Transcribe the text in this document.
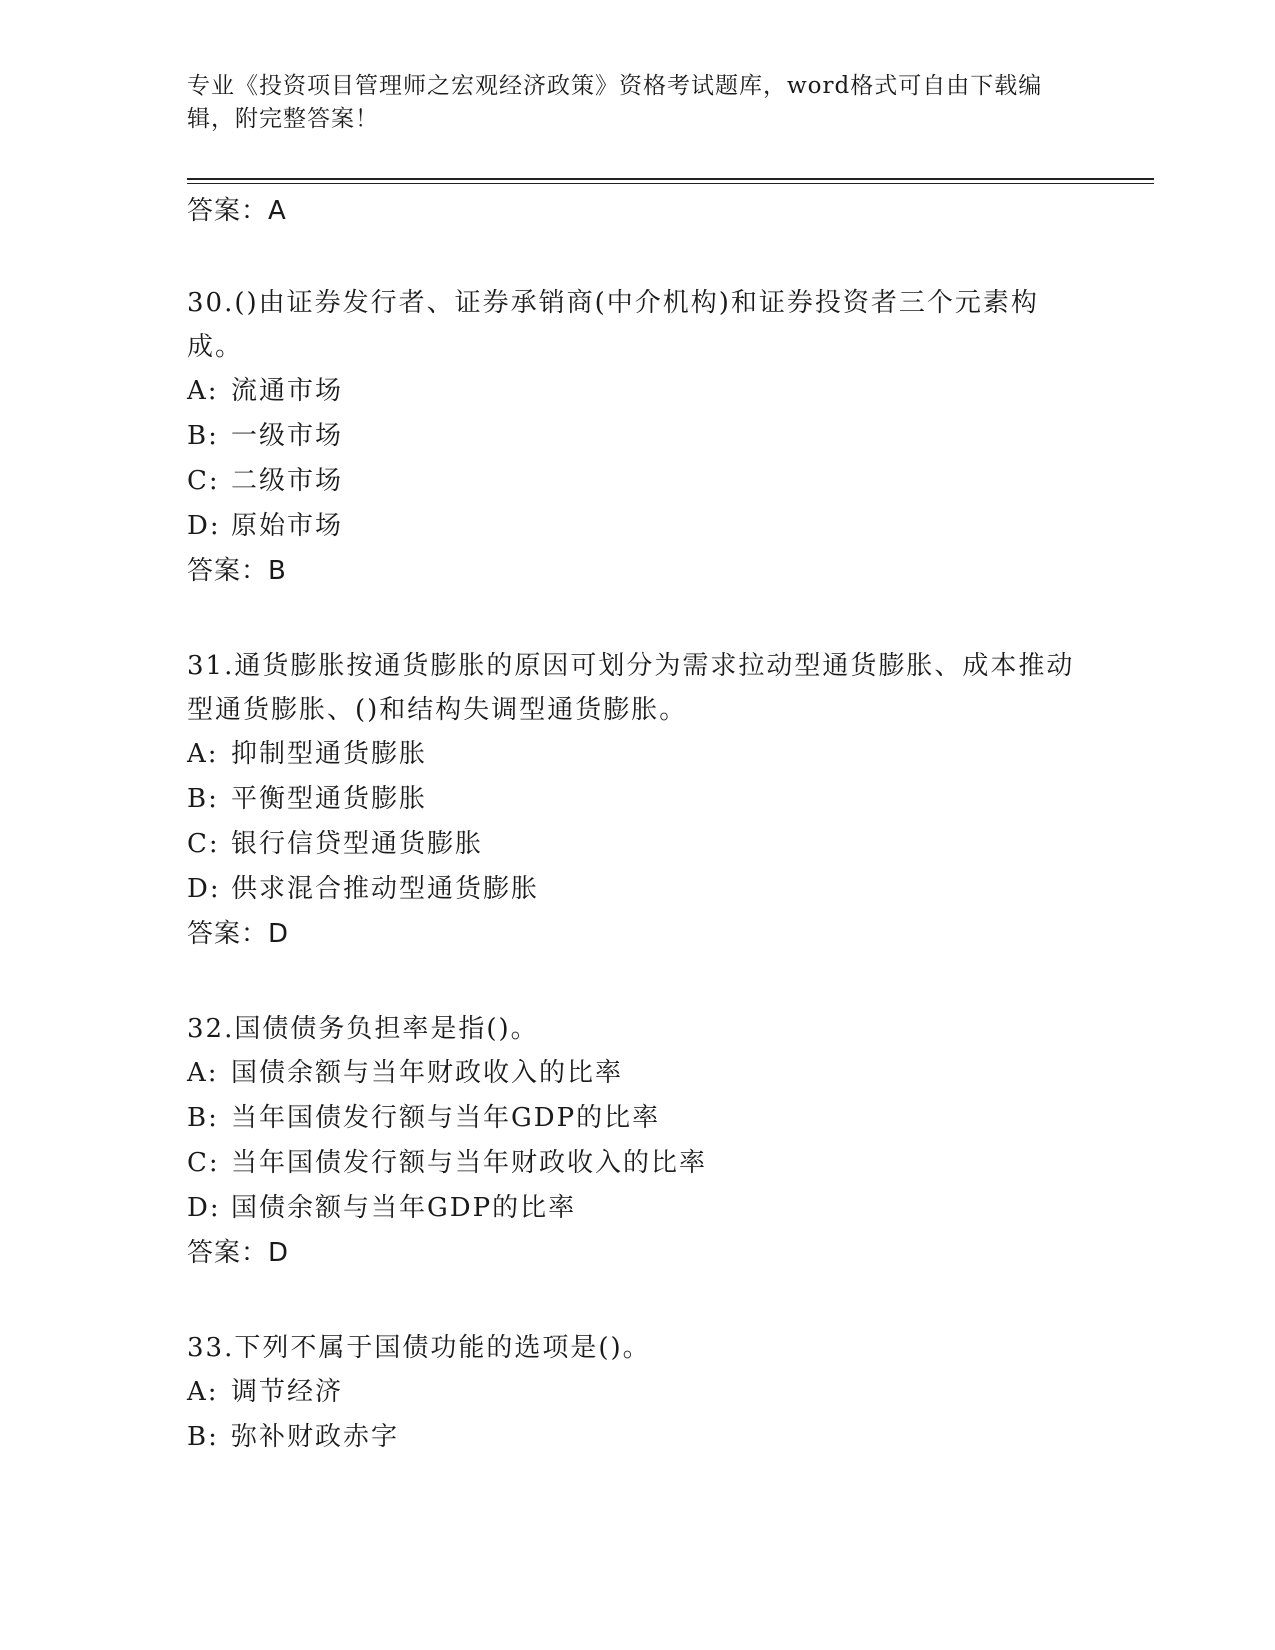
专业《投资项目管理师之宏观经济政策》资格考试题库，word格式可自由下载编辑，附完整答案！

答案：A

30.()由证券发行者、证券承销商(中介机构)和证券投资者三个元素构成。

A: 流通市场

B: 一级市场

C: 二级市场

D: 原始市场

答案：B

31.通货膨胀按通货膨胀的原因可划分为需求拉动型通货膨胀、成本推动型通货膨胀、()和结构失调型通货膨胀。

A: 抑制型通货膨胀

B: 平衡型通货膨胀

C: 银行信贷型通货膨胀

D: 供求混合推动型通货膨胀

答案：D

32.国债债务负担率是指()。

A: 国债余额与当年财政收入的比率

B: 当年国债发行额与当年GDP的比率

C: 当年国债发行额与当年财政收入的比率

D: 国债余额与当年GDP的比率

答案：D

33.下列不属于国债功能的选项是()。

A: 调节经济

B: 弥补财政赤字
